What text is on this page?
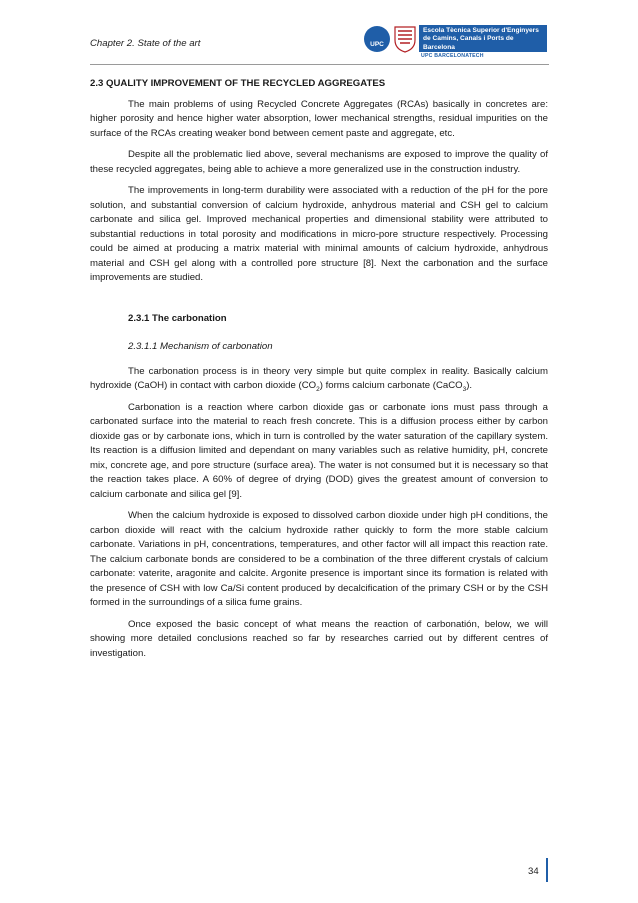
Chapter 2. State of the art	UPC
Escola Tècnica Superior d'Enginyers
de Camins, Canals i Ports de Barcelona
UPC BARCELONATECH
2.3 QUALITY IMPROVEMENT OF THE RECYCLED AGGREGATES

The main problems of using Recycled Concrete Aggregates (RCAs) basically in concretes are: higher porosity and hence higher water absorption, lower mechanical strengths, residual impurities on the surface of the RCAs creating weaker bond between cement paste and aggregate, etc.

Despite all the problematic lied above, several mechanisms are exposed to improve the quality of these recycled aggregates, being able to achieve a more generalized use in the construction industry.

The improvements in long-term durability were associated with a reduction of the pH for the pore solution, and substantial conversion of calcium hydroxide, anhydrous material and CSH gel to calcium carbonate and silica gel. Improved mechanical properties and dimensional stability were attributed to substantial reductions in total porosity and modifications in micro-pore structure respectively. Processing could be aimed at producing a matrix material with minimal amounts of calcium hydroxide, anhydrous material and CSH gel along with a controlled pore structure [8]. Next the carbonation and the surface improvements are studied.

2.3.1 The carbonation
2.3.1.1 Mechanism of carbonation

The carbonation process is in theory very simple but quite complex in reality. Basically calcium hydroxide (CaOH) in contact with carbon dioxide $(CO_2)$ forms calcium carbonate (CaCO$_3$).

Carbonation is a reaction where carbon dioxide gas or carbonate ions must pass through a carbonated surface into the material to reach fresh concrete. This is a diffusion process either by carbon dioxide gas or by carbonate ions, which in turn is controlled by the water saturation of the capillary system. Its reaction is a diffusion limited and dependant on many variables such as relative humidity, pH, concrete mix, concrete age, and pore structure (surface area). The water is not consumed but it is necessary so that the reaction takes place. A 60% of degree of drying (DOD) gives the greatest amount of conversion to calcium carbonate and silica gel [9].

When the calcium hydroxide is exposed to dissolved carbon dioxide under high pH conditions, the carbon dioxide will react with the calcium hydroxide rather quickly to form the more stable calcium carbonate. Variations in pH, concentrations, temperatures, and other factor will all impact this reaction rate. The calcium carbonate bonds are considered to be a combination of the three different crystals of calcium carbonate: vaterite, aragonite and calcite. Argonite presence is important since its formation is related with the presence of CSH with low Ca/Si content produced by decalcification of the primary CSH or by the CSH formed in the surroundings of a silica fume grains.

Once exposed the basic concept of what means the reaction of carbonatión, below, we will showing more detailed conclusions reached so far by researches carried out by different centres of investigation.

34
